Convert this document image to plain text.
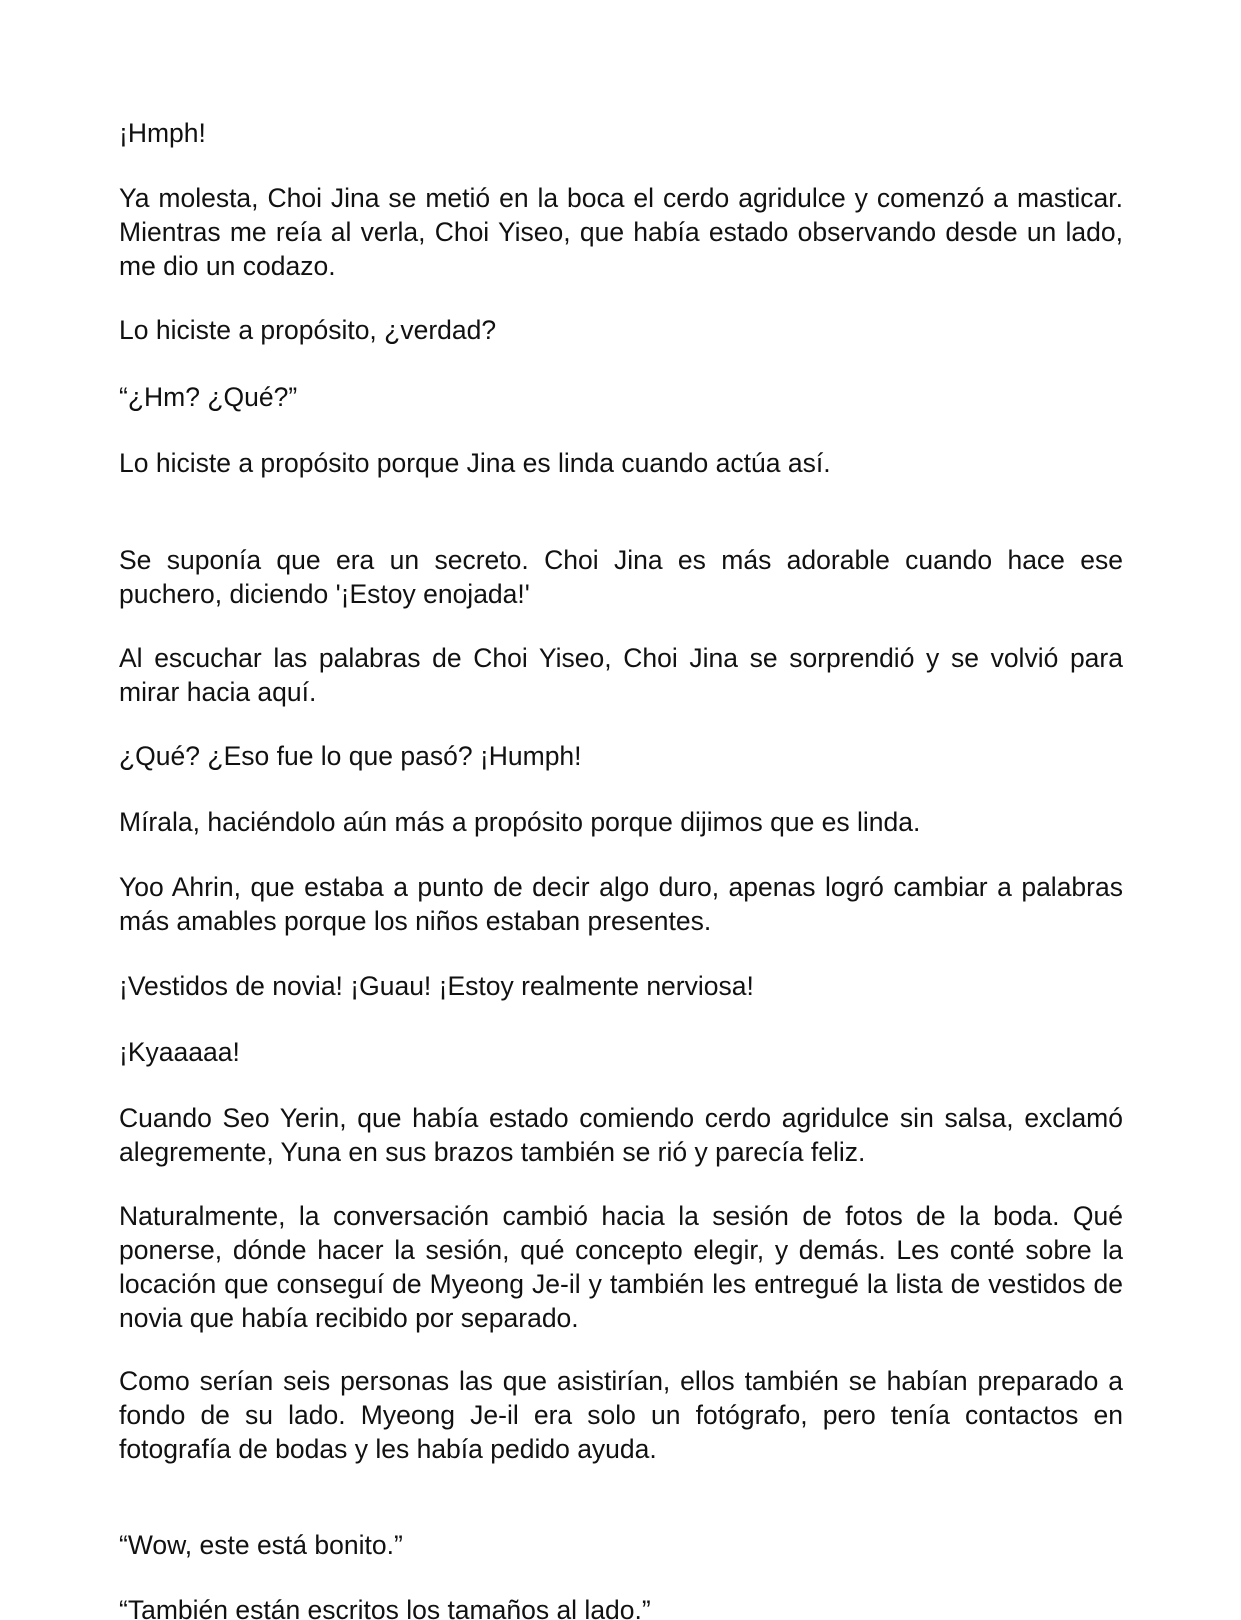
¡Hmph!

Ya molesta, Choi Jina se metió en la boca el cerdo agridulce y comenzó a masticar. Mientras me reía al verla, Choi Yiseo, que había estado observando desde un lado, me dio un codazo.

Lo hiciste a propósito, ¿verdad?

“¿Hm? ¿Qué?”

Lo hiciste a propósito porque Jina es linda cuando actúa así.

Se suponía que era un secreto. Choi Jina es más adorable cuando hace ese puchero, diciendo '¡Estoy enojada!'

Al escuchar las palabras de Choi Yiseo, Choi Jina se sorprendió y se volvió para mirar hacia aquí.

¿Qué? ¿Eso fue lo que pasó? ¡Humph!

Mírala, haciéndolo aún más a propósito porque dijimos que es linda.

Yoo Ahrin, que estaba a punto de decir algo duro, apenas logró cambiar a palabras más amables porque los niños estaban presentes.

¡Vestidos de novia! ¡Guau! ¡Estoy realmente nerviosa!

¡Kyaaaaa!

Cuando Seo Yerin, que había estado comiendo cerdo agridulce sin salsa, exclamó alegremente, Yuna en sus brazos también se rió y parecía feliz.

Naturalmente, la conversación cambió hacia la sesión de fotos de la boda. Qué ponerse, dónde hacer la sesión, qué concepto elegir, y demás. Les conté sobre la locación que conseguí de Myeong Je-il y también les entregué la lista de vestidos de novia que había recibido por separado.

Como serían seis personas las que asistirían, ellos también se habían preparado a fondo de su lado. Myeong Je-il era solo un fotógrafo, pero tenía contactos en fotografía de bodas y les había pedido ayuda.

“Wow, este está bonito.”

“También están escritos los tamaños al lado.”
